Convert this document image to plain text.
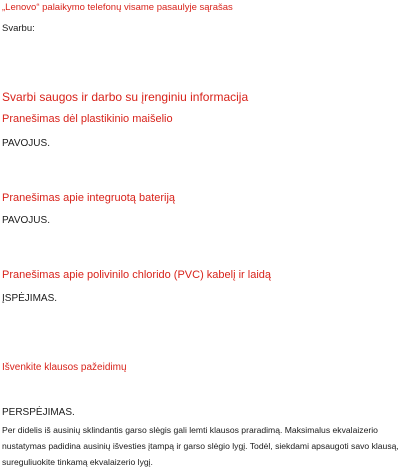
„Lenovo“ palaikymo telefonų visame pasaulyje sąrašas
Svarbu:
Svarbi saugos ir darbo su įrenginiu informacija
Pranešimas dėl plastikinio maišelio
PAVOJUS.
Pranešimas apie integruotą bateriją
PAVOJUS.
Pranešimas apie polivinilo chlorido (PVC) kabelį ir laidą
ĮSPĖJIMAS.
Išvenkite klausos pažeidimų
PERSPĖJIMAS.
Per didelis iš ausinių sklindantis garso slėgis gali lemti klausos praradimą. Maksimalus ekvalaizerio nustatymas padidina ausinių išvesties įtampą ir garso slėgio lygį. Todėl, siekdami apsaugoti savo klausą, sureguliuokite tinkamą ekvalaizerio lygį.
